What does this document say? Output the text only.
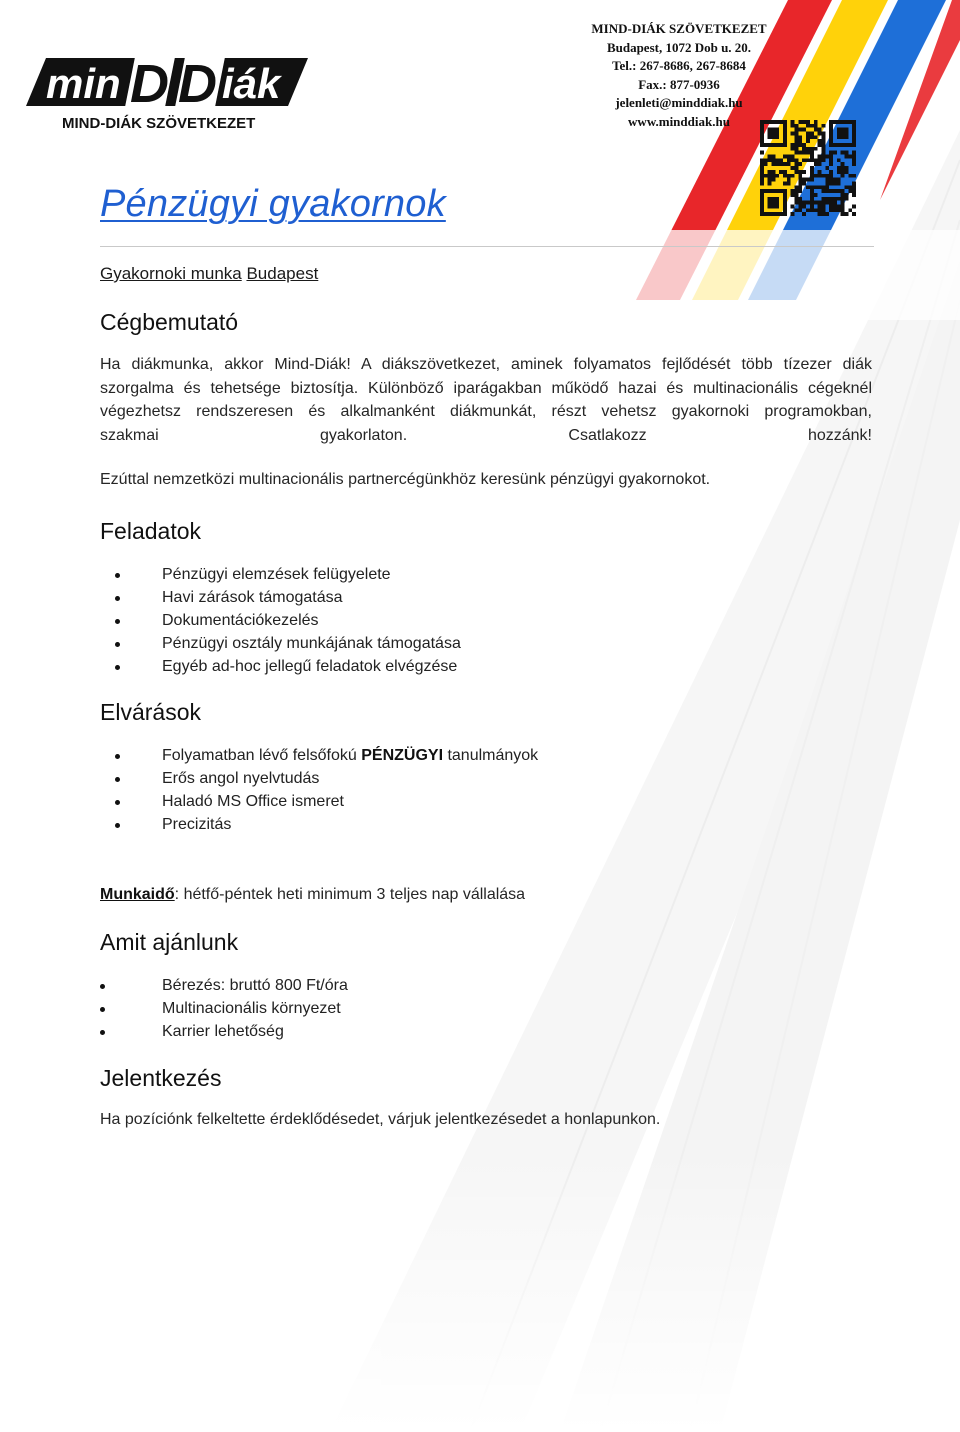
min D D iák
MIND-DIÁK SZÖVETKEZET
MIND-DIÁK SZÖVETKEZET
Budapest, 1072 Dob u. 20.
Tel.: 267-8686, 267-8684
Fax.: 877-0936
jelenleti@minddiak.hu
www.minddiak.hu
Pénzügyi gyakornok
Gyakornoki munka Budapest
Cégbemutató

Ha diákmunka, akkor Mind-Diák! A diákszövetkezet, aminek folyamatos fejlődését több tízezer diák
szorgalma és tehetsége biztosítja. Különböző iparágakban működő hazai és multinacionális cégeknél
végezhetsz rendszeresen és alkalmanként diákmunkát, részt vehetsz gyakornoki programokban,
szakmai gyakorlaton. Csatlakozz hozzánk!

Ezúttal nemzetközi multinacionális partnercégünkhöz keresünk pénzügyi gyakornokot.

Feladatok
Pénzügyi elemzések felügyelete
Havi zárások támogatása
Dokumentációkezelés
Pénzügyi osztály munkájának támogatása
Egyéb ad-hoc jellegű feladatok elvégzése
Elvárások
Folyamatban lévő felsőfokú PÉNZÜGYI tanulmányok
Erős angol nyelvtudás
Haladó MS Office ismeret
Precizitás

Munkaidő: hétfő-péntek heti minimum 3 teljes nap vállalása

Amit ajánlunk
Bérezés: bruttó 800 Ft/óra
Multinacionális környezet
Karrier lehetőség
Jelentkezés

Ha pozíciónk felkeltette érdeklődésedet, várjuk jelentkezésedet a honlapunkon.
